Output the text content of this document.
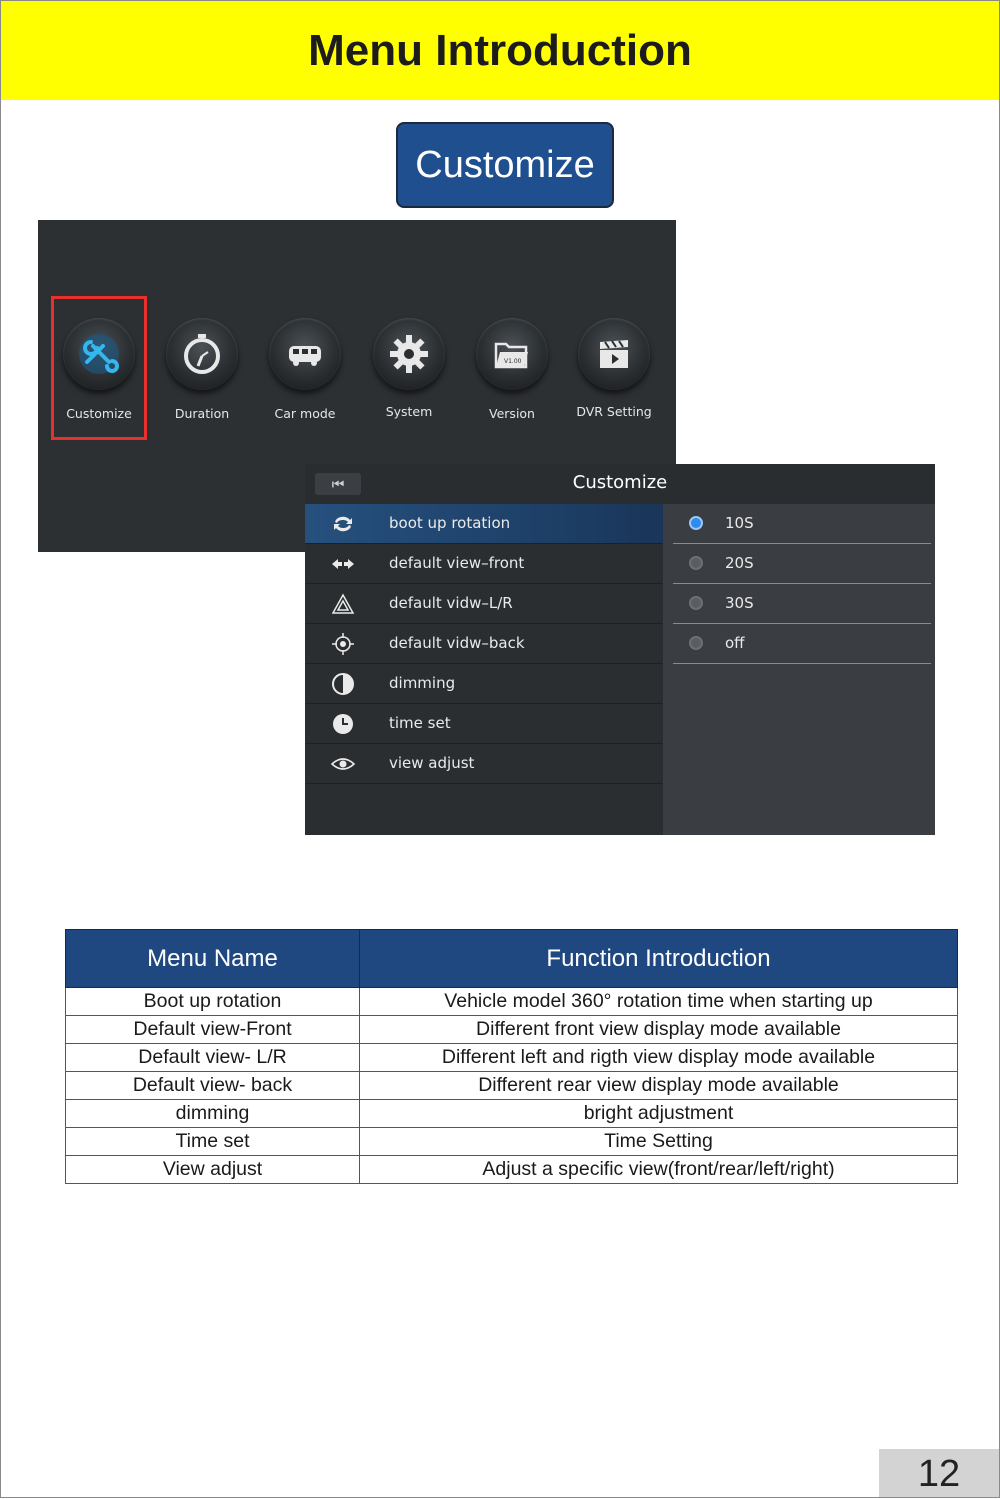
Menu Introduction
Customize
Customize	Duration	Car mode	System
V1.00
Version	DVR Setting
⏮	Customize
boot up rotation
default view–front
default vidw–L/R
default vidw–back
dimming
time set
view adjust
10S
20S
30S
off
Menu Name	Function Introduction
Boot up rotation	Vehicle model 360° rotation time when starting up
Default view-Front	Different front view display mode available
Default view- L/R	Different left and rigth view display mode available
Default view- back	Different rear view display mode available
dimming	bright adjustment
Time set	Time Setting
View adjust	Adjust a specific view(front/rear/left/right)
12
